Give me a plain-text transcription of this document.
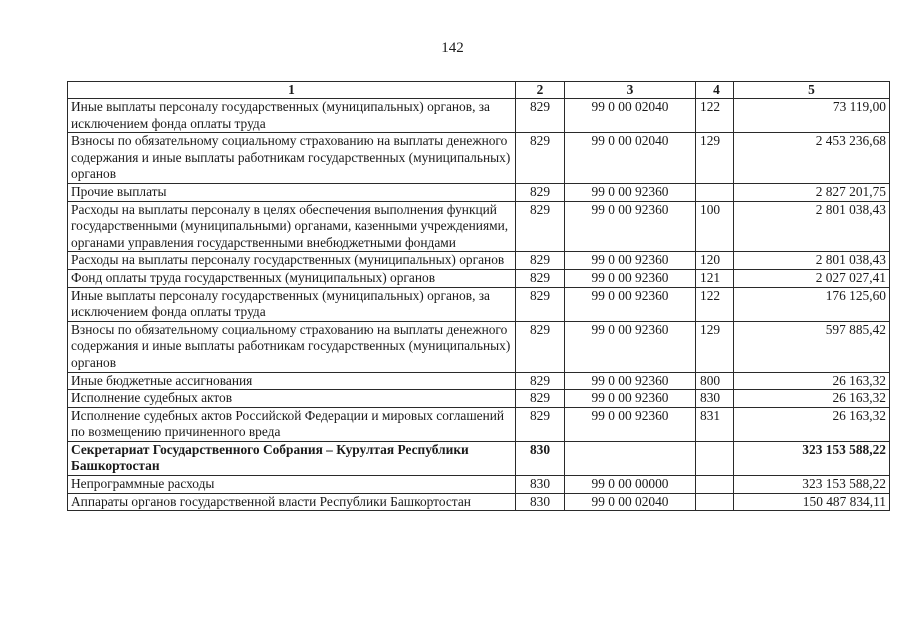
142
1	2	3	4	5
Иные выплаты персоналу государственных (муниципальных) органов, за исключением фонда оплаты труда	829	99 0 00 02040	122	73 119,00
Взносы по обязательному социальному страхованию на выплаты денежного содержания и иные выплаты работникам государственных (муниципальных) органов	829	99 0 00 02040	129	2 453 236,68
Прочие выплаты	829	99 0 00 92360		2 827 201,75
Расходы на выплаты персоналу в целях обеспечения выполнения функций государственными (муниципальными) органами, казенными учреждениями, органами управления государственными внебюджетными фондами	829	99 0 00 92360	100	2 801 038,43
Расходы на выплаты персоналу государственных (муниципальных) органов	829	99 0 00 92360	120	2 801 038,43
Фонд оплаты труда государственных (муниципальных) органов	829	99 0 00 92360	121	2 027 027,41
Иные выплаты персоналу государственных (муниципальных) органов, за исключением фонда оплаты труда	829	99 0 00 92360	122	176 125,60
Взносы по обязательному социальному страхованию на выплаты денежного содержания и иные выплаты работникам государственных (муниципальных) органов	829	99 0 00 92360	129	597 885,42
Иные бюджетные ассигнования	829	99 0 00 92360	800	26 163,32
Исполнение судебных актов	829	99 0 00 92360	830	26 163,32
Исполнение судебных актов Российской Федерации и мировых соглашений по возмещению причиненного вреда	829	99 0 00 92360	831	26 163,32
Секретариат Государственного Собрания – Курултая Республики Башкортостан	830			323 153 588,22
Непрограммные расходы	830	99 0 00 00000		323 153 588,22
Аппараты органов государственной власти Республики Башкортостан	830	99 0 00 02040		150 487 834,11
